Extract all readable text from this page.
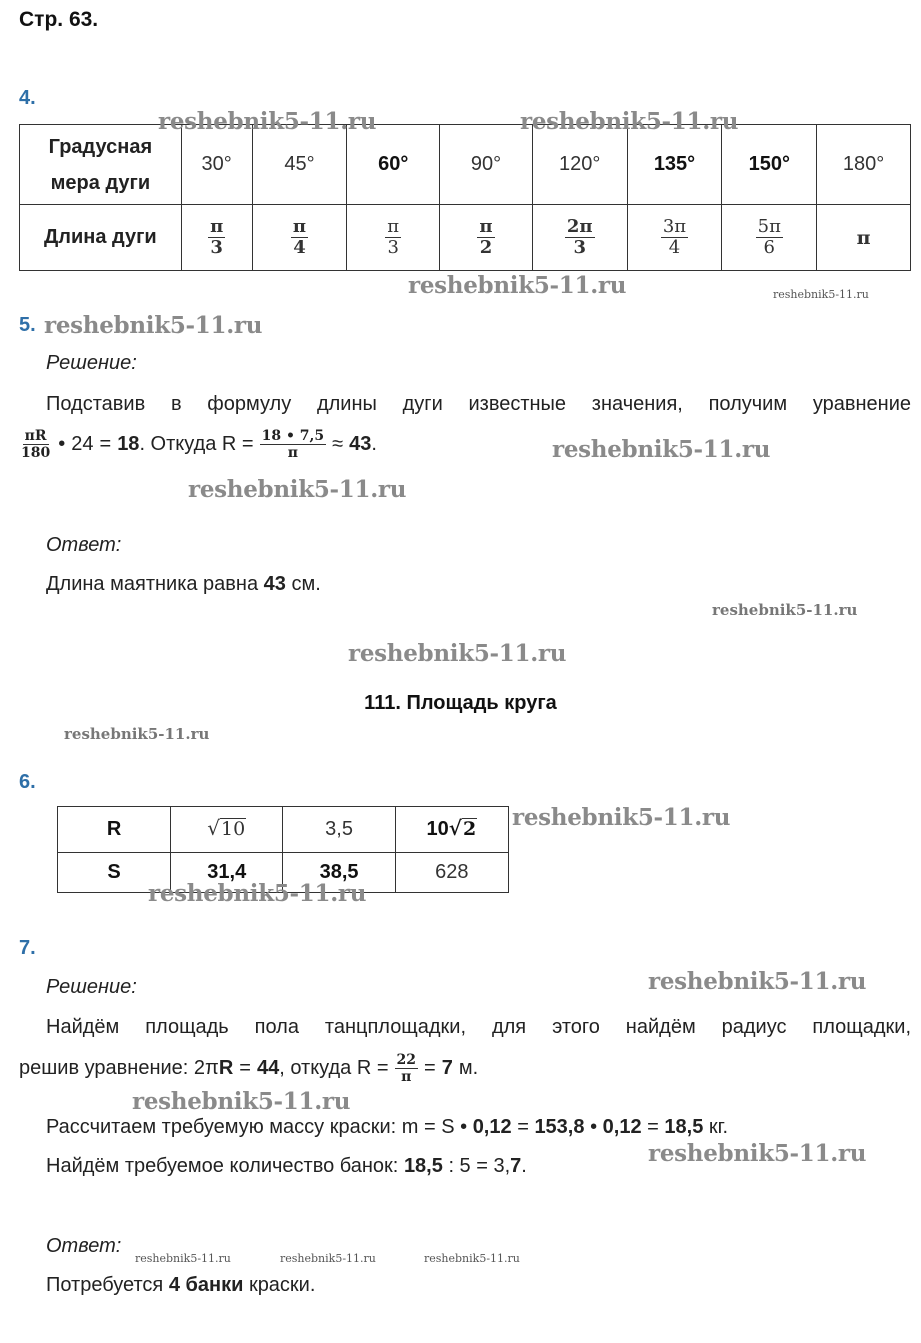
Стр. 63.
4.
Градусная
мера дуги	30°	45°	60°	90°	120°	135°	150°	180°
Длина дуги	$\frac{\pi}{3}$	$\frac{\pi}{4}$	$\frac{\pi}{3}$	$\frac{\pi}{2}$	$\frac{2\pi}{3}$	$\frac{3\pi}{4}$	$\frac{5\pi}{6}$	π
5.
Решение:
Подставив в формулу длины дуги известные значения, получим уравнение
$\frac{\pi R}{180}$ • 24 = 18 . Откуда $R = \frac{18 • 7,5}{\pi} \approx 43$ .
Ответ:
Длина маятника равна 43 см.
111. Площадь круга
6.
R	√ 10	3,5	10 √ 2

S	31,4	38,5	628
7.
Решение:
Найдём площадь пола танцплощадки, для этого найдём радиус площадки,
решив уравнение: 2π R = 44 , откуда $R = \frac{22}{\pi} = 7$ м.
Рассчитаем требуемую массу краски: m = S • 0,12 = 153,8 • 0,12 = 18,5 кг.
Найдём требуемое количество банок: 18,5 : 5 = 3,7.
Ответ:
Потребуется 4 банки краски.
reshebnik5-11.ru	reshebnik5-11.ru
reshebnik5-11.ru	reshebnik5-11.ru
reshebnik5-11.ru
reshebnik5-11.ru
reshebnik5-11.ru
reshebnik5-11.ru
reshebnik5-11.ru
reshebnik5-11.ru
reshebnik5-11.ru
reshebnik5-11.ru
reshebnik5-11.ru
reshebnik5-11.ru
reshebnik5-11.ru
reshebnik5-11.ru	reshebnik5-11.ru	reshebnik5-11.ru
